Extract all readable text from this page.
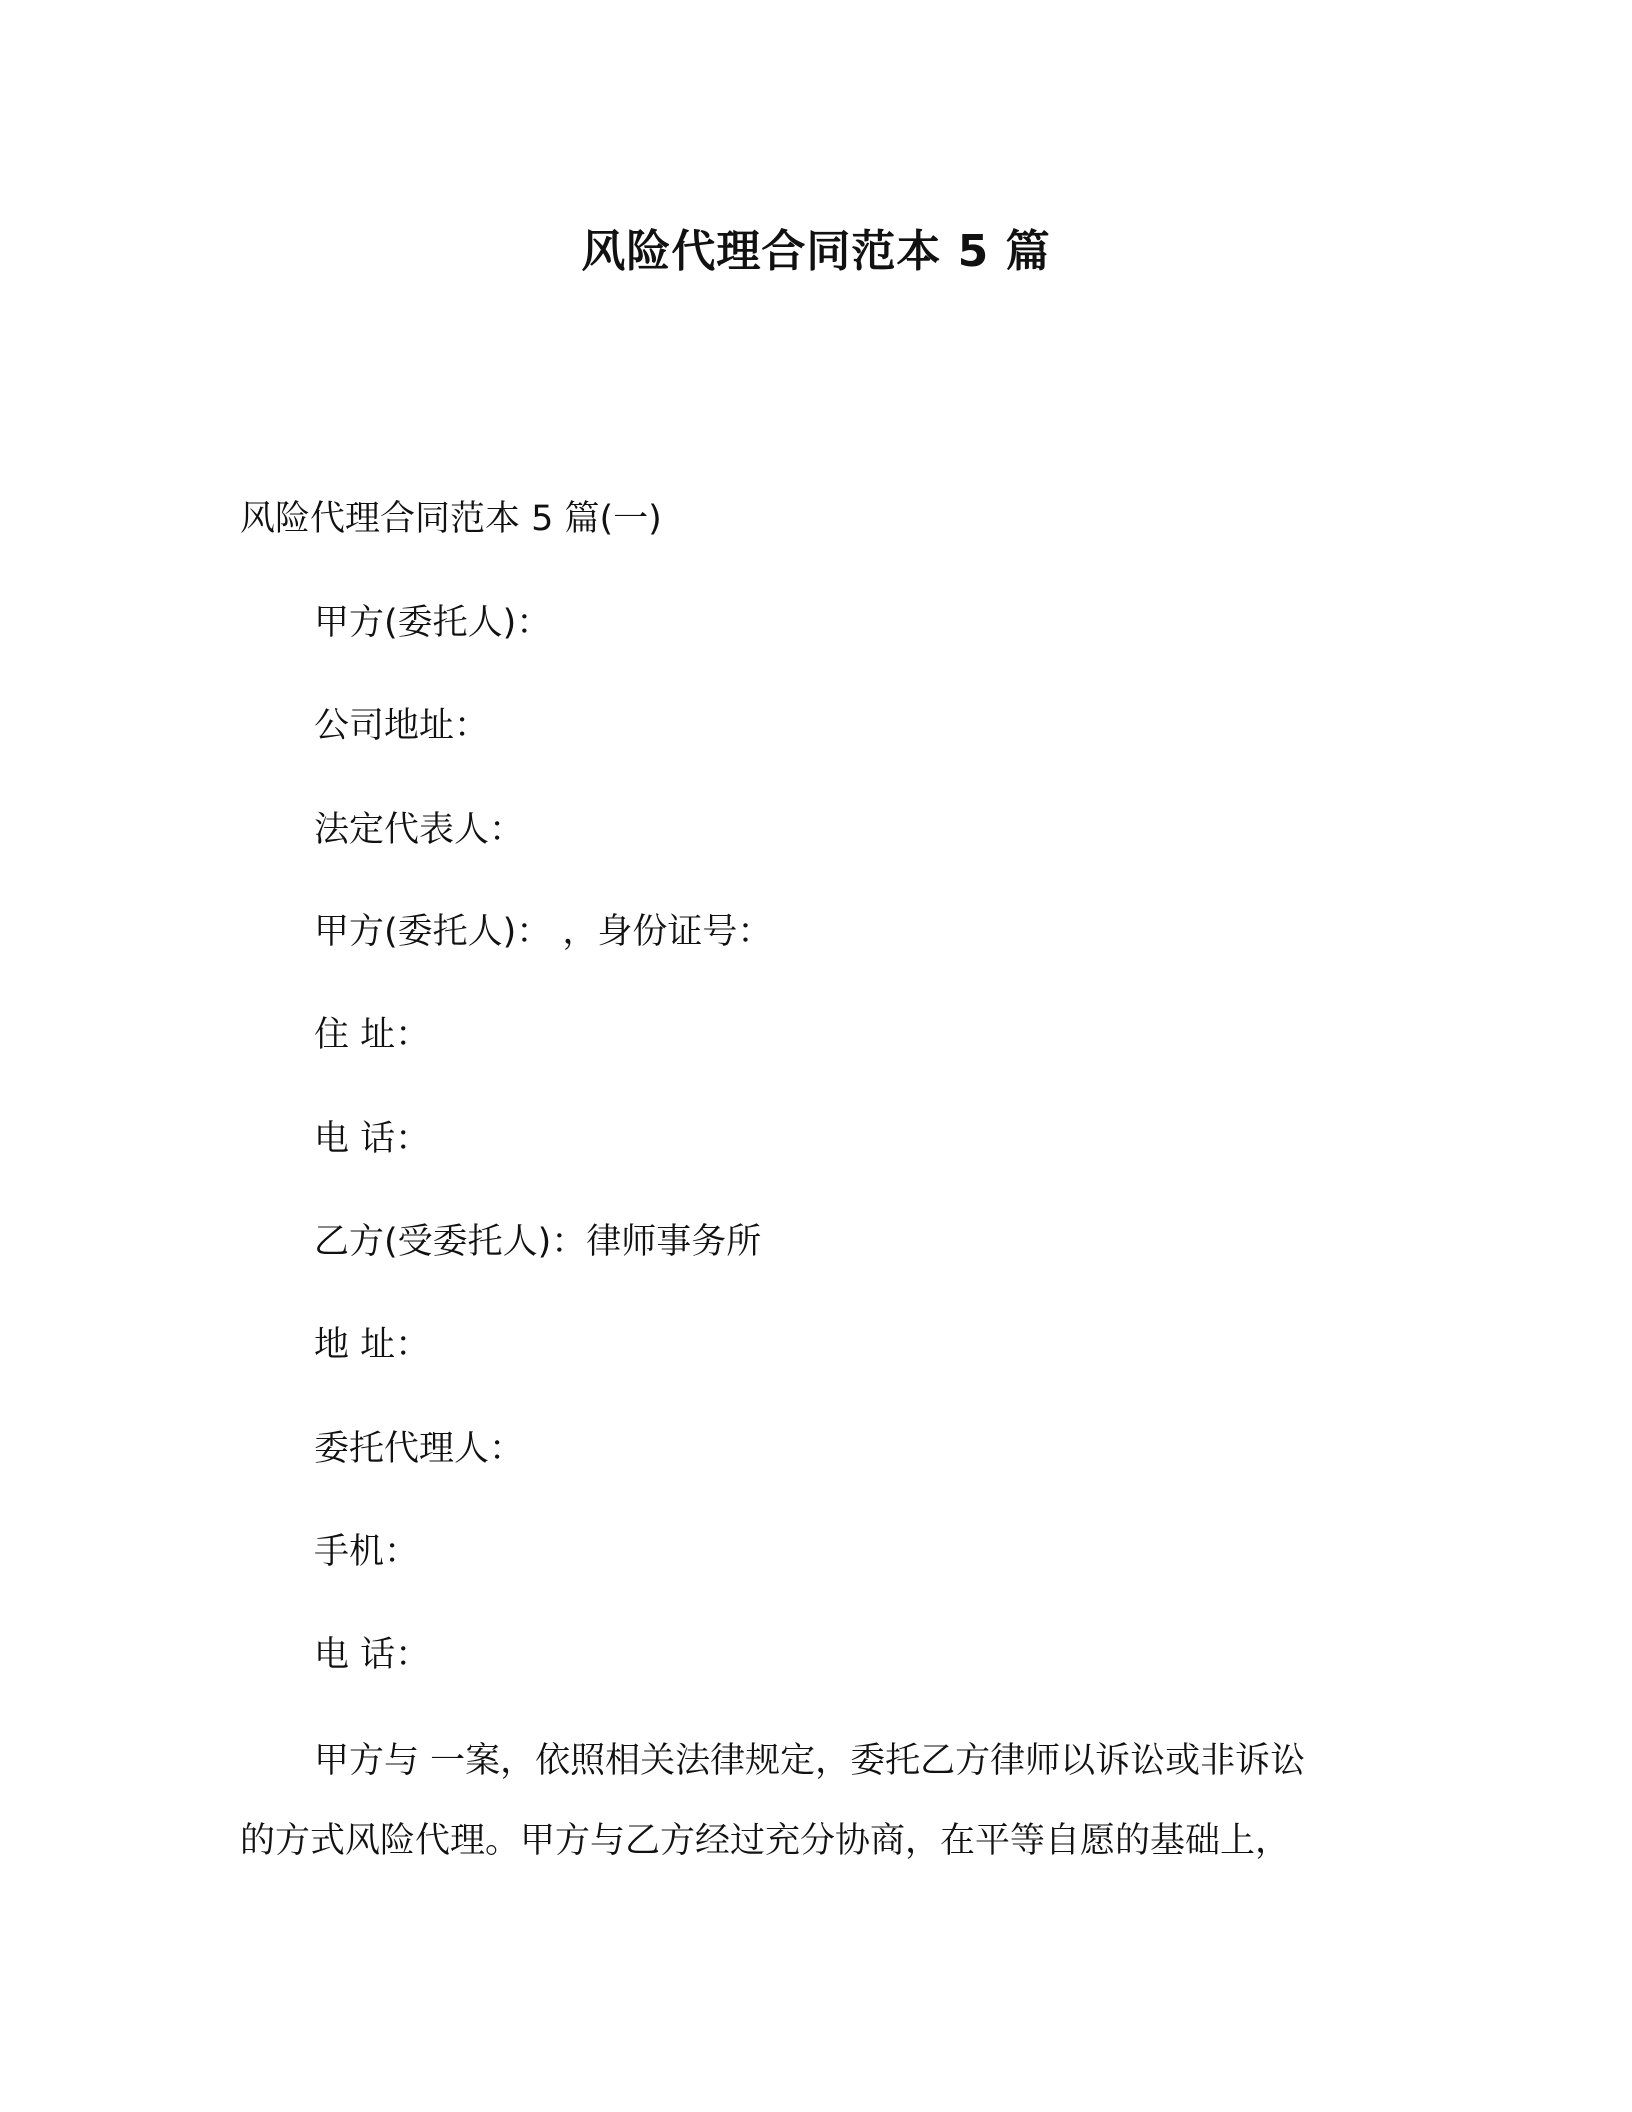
风险代理合同范本 5 篇
风险代理合同范本 5 篇(一)
甲方(委托人)：
公司地址：
法定代表人：
甲方(委托人)： ，身份证号：
住 址：
电 话：
乙方(受委托人)：律师事务所
地 址：
委托代理人：
手机：
电 话：
甲方与 一案，依照相关法律规定，委托乙方律师以诉讼或非诉讼
的方式风险代理。甲方与乙方经过充分协商，在平等自愿的基础上，
